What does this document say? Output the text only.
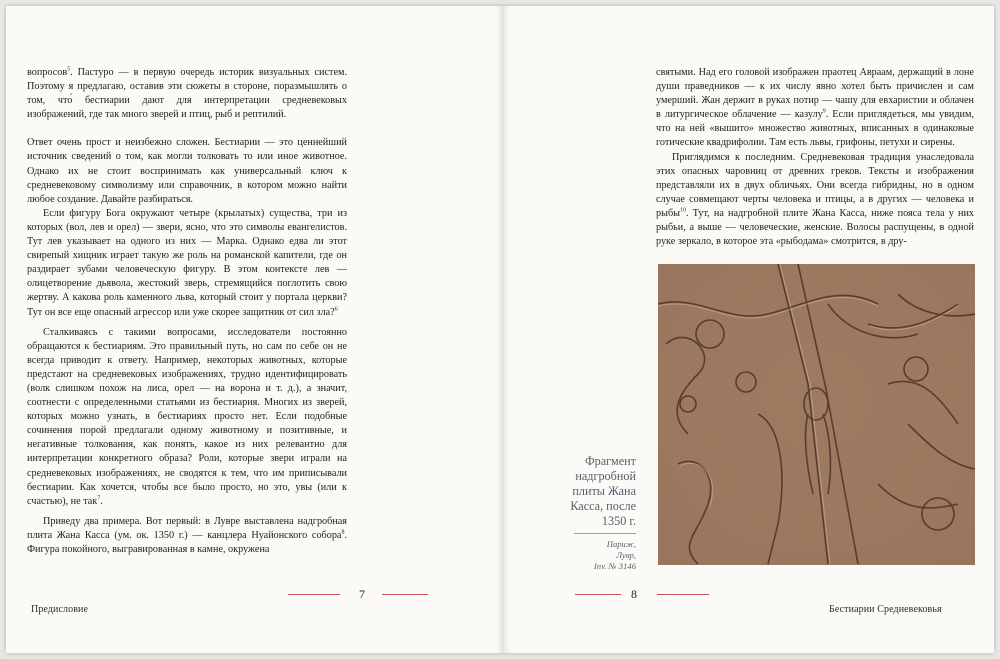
вопросов$^5$. Пастуро — в первую очередь историк визуальных систем. Поэтому я предлагаю, оставив эти сюжеты в стороне, поразмышлять о том, что́ бестиарии дают для интерпретации средневековых изображений, где так много зверей и птиц, рыб и рептилий.

Ответ очень прост и неизбежно сложен. Бестиарии — это ценнейший источник сведений о том, как могли толковать то или иное животное. Однако их не стоит воспринимать как универсальный ключ к средневековому символизму или справочник, в котором можно найти любое создание. Давайте разбираться.

Если фигуру Бога окружают четыре (крылатых) существа, три из которых (вол, лев и орел) — звери, ясно, что это символы евангелистов. Тут лев указывает на одного из них — Марка. Однако едва ли этот свирепый хищник играет такую же роль на романской капители, где он раздирает зубами человеческую фигуру. В этом контексте лев — олицетворение дьявола, жестокий зверь, стремящийся поглотить свою жертву. А какова роль каменного льва, который стоит у портала церкви? Тут он все еще опасный агрессор или уже скорее защитник от сил зла?$^6$

Сталкиваясь с такими вопросами, исследователи постоянно обращаются к бестиариям. Это правильный путь, но сам по себе он не всегда приводит к ответу. Например, некоторых животных, которые предстают на средневековых изображениях, трудно идентифицировать (волк слишком похож на лиса, орел — на ворона и т. д.), а значит, соотнести с определенными статьями из бестиария. Многих из зверей, которых можно узнать, в бестиариях просто нет. Если подобные сочинения порой предлагали одному животному и позитивные, и негативные толкования, как понять, какое из них релевантно для интерпретации конкретного образа? Роли, которые звери играли на средневековых изображениях, не сводятся к тем, что им приписывали бестиарии. Как хочется, чтобы все было просто, но это, увы (или к счастью), не так$^7$.

Приведу два примера. Вот первый: в Лувре выставлена надгробная плита Жана Касса (ум. ок. 1350 г.) — канцлера Нуайонского собора$^8$. Фигура покойного, выгравированная в камне, окружена

7
Предисловие

святыми. Над его головой изображен праотец Авраам, держащий в лоне души праведников — к их числу явно хотел быть причислен и сам умерший. Жан держит в руках потир — чашу для евхаристии и облачен в литургическое облачение — казулу$^9$. Если приглядеться, мы увидим, что на ней «вышито» множество животных, вписанных в одинаковые готические квадрифолии. Там есть львы, грифоны, петухи и сирены.

Приглядимся к последним. Средневековая традиция унаследовала этих опасных чаровниц от древних греков. Тексты и изображения представляли их в двух обличьях. Они всегда гибридны, но в одном случае совмещают черты человека и птицы, а в других — человека и рыбы$^{10}$. Тут, на надгробной плите Жана Касса, ниже пояса тела у них рыбьи, а выше — человеческие, женские. Волосы распущены, в одной руке зеркало, в которое эта «рыбодама» смотрится, в дру-

Фрагмент надгробной плиты Жана Касса, после 1350 г.
Париж,
Лувр,
Inv. № 3146
8
Бестиарии Средневековья
